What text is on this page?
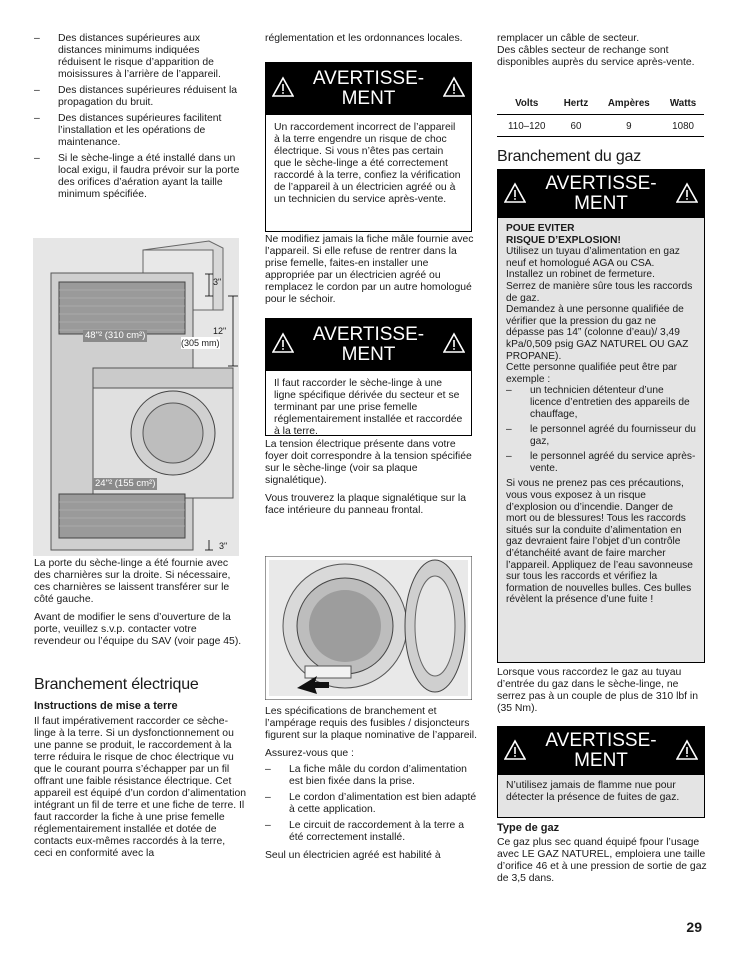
– Des distances supérieures aux distances minimums indiquées réduisent le risque d’apparition de moisissures à l’arrière de l’appareil.
– Des distances supérieures réduisent la propagation du bruit.
– Des distances supérieures facilitent l’installation et les opérations de maintenance.
– Si le sèche-linge a été installé dans un local exigu, il faudra prévoir sur la porte des orifices d’aération ayant la taille minimum spécifiée.
3"
12"
(305 mm)
48"² (310 cm²)
24"² (155 cm²)
3"

La porte du sèche-linge a été fournie avec des charnières sur la droite. Si nécessaire, ces charnières se laissent transférer sur le côté gauche.

Avant de modifier le sens d’ouverture de la porte, veuillez s.v.p. contacter votre revendeur ou l’équipe du SAV (voir page 45).

Branchement électrique
Instructions de mise a terre

Il faut impérativement raccorder ce sèche-linge à la terre. Si un dysfonctionnement ou une panne se produit, le raccordement à la terre réduira le risque de choc électrique vu que le courant pourra s’échapper par un fil offrant une faible résistance électrique. Cet appareil est équipé d’un cordon d’alimentation intégrant un fil de terre et une fiche de terre. Il faut raccorder la fiche à une prise femelle réglementairement installée et dotée de contacts eux-mêmes raccordés à la terre, ceci en conformité avec la

réglementation et les ordonnances locales.

AVERTISSE-
MENT
Un raccordement incorrect de l’appareil à la terre engendre un risque de choc électrique. Si vous n’êtes pas certain que le sèche-linge a été correctement raccordé à la terre, confiez la vérification de l’appareil à un électricien agréé ou à un technicien du service après-vente.

Ne modifiez jamais la fiche mâle fournie avec l’appareil. Si elle refuse de rentrer dans la prise femelle, faites-en installer une appropriée par un électricien agréé ou remplacez le cordon par un autre homologué pour le séchoir.

AVERTISSE-
MENT
Il faut raccorder le sèche-linge à une ligne spécifique dérivée du secteur et se terminant par une prise femelle réglementairement installée et raccordée à la terre.

La tension électrique présente dans votre foyer doit correspondre à la tension spécifiée sur le sèche-linge (voir sa plaque signalétique).

Vous trouverez la plaque signalétique sur la face intérieure du panneau frontal.

Les spécifications de branchement et l’ampérage requis des fusibles / disjoncteurs figurent sur la plaque nominative de l’appareil.

Assurez-vous que :

– La fiche mâle du cordon d’alimentation est bien fixée dans la prise.
– Le cordon d’alimentation est bien adapté à cette application.
– Le circuit de raccordement à la terre a été correctement installé.

Seul un électricien agréé est habilité à

remplacer un câble de secteur.
Des câbles secteur de rechange sont disponibles auprès du service après-vente.

Volts	Hertz	Ampères	Watts
110–120	60	9	1080
Branchement du gaz
AVERTISSE-
MENT

POUE EVITER
RISQUE D’EXPLOSION!

Utilisez un tuyau d’alimentation en gaz neuf et homologué AGA ou CSA.

Installez un robinet de fermeture.

Serrez de manière sûre tous les raccords de gaz.

Demandez à une personne qualifiée de vérifier que la pression du gaz ne dépasse pas 14” (colonne d’eau)/ 3,49 kPa/0,509 psig GAZ NATUREL OU GAZ PROPANE).

Cette personne qualifiée peut être par exemple :

– un technicien détenteur d’une licence d’entretien des appareils de chauffage,
– le personnel agréé du fournisseur du gaz,
– le personnel agréé du service après-vente.

Si vous ne prenez pas ces précautions, vous vous exposez à un risque d’explosion ou d’incendie. Danger de mort ou de blessures! Tous les raccords situés sur la conduite d’alimentation en gaz devraient faire l’objet d’un contrôle d’étanchéité avant de faire marcher l’appareil. Appliquez de l’eau savonneuse sur tous les raccords et vérifiez la formation de nouvelles bulles. Ces bulles révèlent la présence d’une fuite !

Lorsque vous raccordez le gaz au tuyau d’entrée du gaz dans le sèche-linge, ne serrez pas à un couple de plus de 310 lbf in (35 Nm).

AVERTISSE-
MENT
N’utilisez jamais de flamme nue pour détecter la présence de fuites de gaz.
Type de gaz

Ce gaz plus sec quand équipé fpour l’usage avec LE GAZ NATUREL, emploiera une taille d’orifice 46 et à une pression de sortie de gaz de 3,5 dans.

29
